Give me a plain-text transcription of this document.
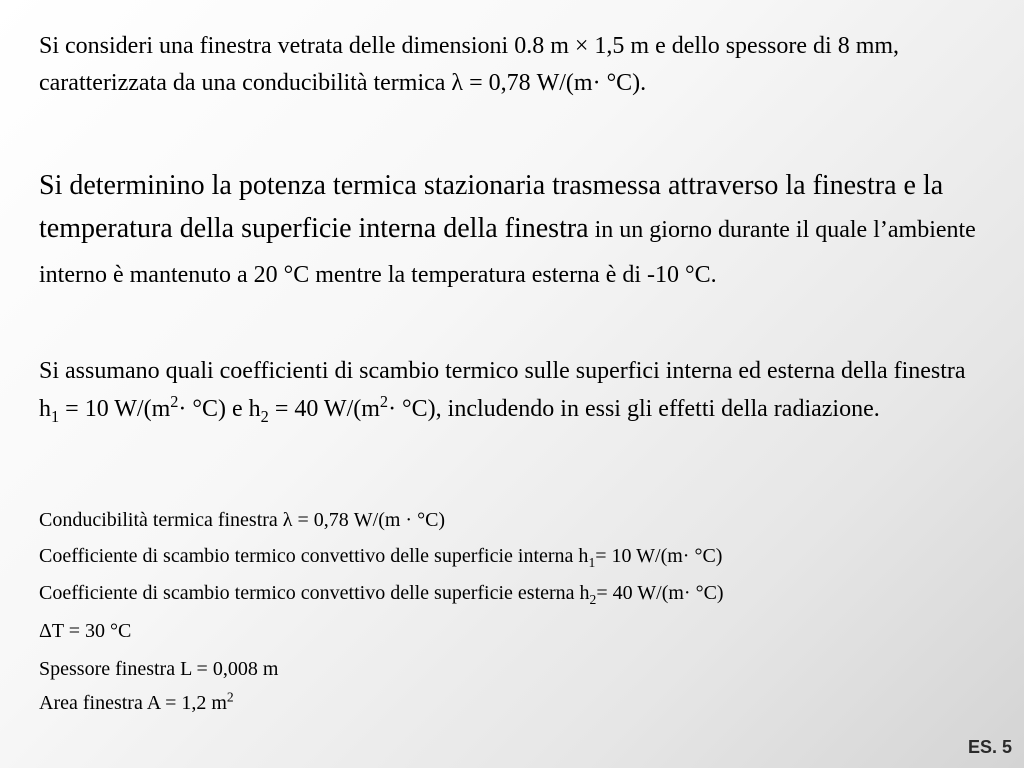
Si consideri una finestra vetrata delle dimensioni 0.8 m × 1,5 m e dello spessore di 8 mm, caratterizzata da una conducibilità termica λ = 0,78 W/(m· °C).

Si determinino la potenza termica stazionaria trasmessa attraverso la finestra e la temperatura della superficie interna della finestra in un giorno durante il quale l’ambiente interno è mantenuto a 20 °C mentre la temperatura esterna è di -10 °C.

Si assumano quali coefficienti di scambio termico sulle superfici interna ed esterna della finestra $h_1 = 10$ $W/(m^2\cdot ^\circ C)$ e $h_2 = 40$ $W/(m^2\cdot ^\circ C)$, includendo in essi gli effetti della radiazione.

Conducibilità termica finestra λ = 0,78 W/(m · °C)
Coefficiente di scambio termico convettivo delle superficie interna $h_1= 10$ W/(m· °C)
Coefficiente di scambio termico convettivo delle superficie esterna $h_2= 40$ W/(m· °C)
ΔT = 30 °C
Spessore finestra L = 0,008 m
Area finestra A = 1,2 $m^2$
ES. 5
